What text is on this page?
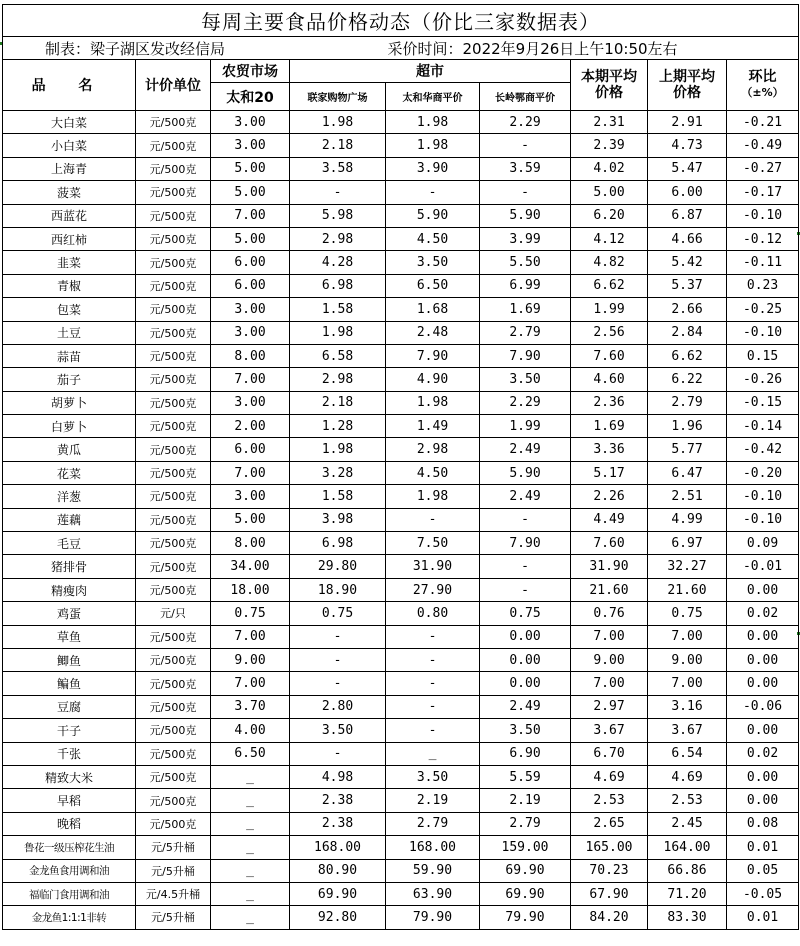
每周主要食品价格动态（价比三家数据表）								
制表：梁子湖区发改经信局				采价时间：2022年9月26日上午10:50左右				
品 名	计价单位	农贸市场	超市			本期平均价格	上期平均价格	环比
（±%）

		太和20	联家购物广场	太和华商平价	长岭鄂商平价			
大白菜	元/500克	3.00	1.98	1.98	2.29	2.31	2.91	-0.21
小白菜	元/500克	3.00	2.18	1.98	-	2.39	4.73	-0.49
上海青	元/500克	5.00	3.58	3.90	3.59	4.02	5.47	-0.27
菠菜	元/500克	5.00	-	-	-	5.00	6.00	-0.17
西蓝花	元/500克	7.00	5.98	5.90	5.90	6.20	6.87	-0.10
西红柿	元/500克	5.00	2.98	4.50	3.99	4.12	4.66	-0.12
韭菜	元/500克	6.00	4.28	3.50	5.50	4.82	5.42	-0.11
青椒	元/500克	6.00	6.98	6.50	6.99	6.62	5.37	0.23
包菜	元/500克	3.00	1.58	1.68	1.69	1.99	2.66	-0.25
土豆	元/500克	3.00	1.98	2.48	2.79	2.56	2.84	-0.10
蒜苗	元/500克	8.00	6.58	7.90	7.90	7.60	6.62	0.15
茄子	元/500克	7.00	2.98	4.90	3.50	4.60	6.22	-0.26
胡萝卜	元/500克	3.00	2.18	1.98	2.29	2.36	2.79	-0.15
白萝卜	元/500克	2.00	1.28	1.49	1.99	1.69	1.96	-0.14
黄瓜	元/500克	6.00	1.98	2.98	2.49	3.36	5.77	-0.42
花菜	元/500克	7.00	3.28	4.50	5.90	5.17	6.47	-0.20
洋葱	元/500克	3.00	1.58	1.98	2.49	2.26	2.51	-0.10
莲藕	元/500克	5.00	3.98	-	-	4.49	4.99	-0.10
毛豆	元/500克	8.00	6.98	7.50	7.90	7.60	6.97	0.09
猪排骨	元/500克	34.00	29.80	31.90	-	31.90	32.27	-0.01
精瘦肉	元/500克	18.00	18.90	27.90	-	21.60	21.60	0.00
鸡蛋	元/只	0.75	0.75	0.80	0.75	0.76	0.75	0.02
草鱼	元/500克	7.00	-	-	0.00	7.00	7.00	0.00
鲫鱼	元/500克	9.00	-	-	0.00	9.00	9.00	0.00
鳊鱼	元/500克	7.00	-	-	0.00	7.00	7.00	0.00
豆腐	元/500克	3.70	2.80	-	2.49	2.97	3.16	-0.06
干子	元/500克	4.00	3.50	-	3.50	3.67	3.67	0.00
千张	元/500克	6.50	-	_	6.90	6.70	6.54	0.02
精致大米	元/500克	_	4.98	3.50	5.59	4.69	4.69	0.00
早稻	元/500克	_	2.38	2.19	2.19	2.53	2.53	0.00
晚稻	元/500克	_	2.38	2.79	2.79	2.65	2.45	0.08
鲁花一级压榨花生油	元/5升桶	_	168.00	168.00	159.00	165.00	164.00	0.01
金龙鱼食用调和油	元/5升桶	_	80.90	59.90	69.90	70.23	66.86	0.05
福临门食用调和油	元/4.5升桶	_	69.90	63.90	69.90	67.90	71.20	-0.05
金龙鱼1:1:1非转	元/5升桶	_	92.80	79.90	79.90	84.20	83.30	0.01
